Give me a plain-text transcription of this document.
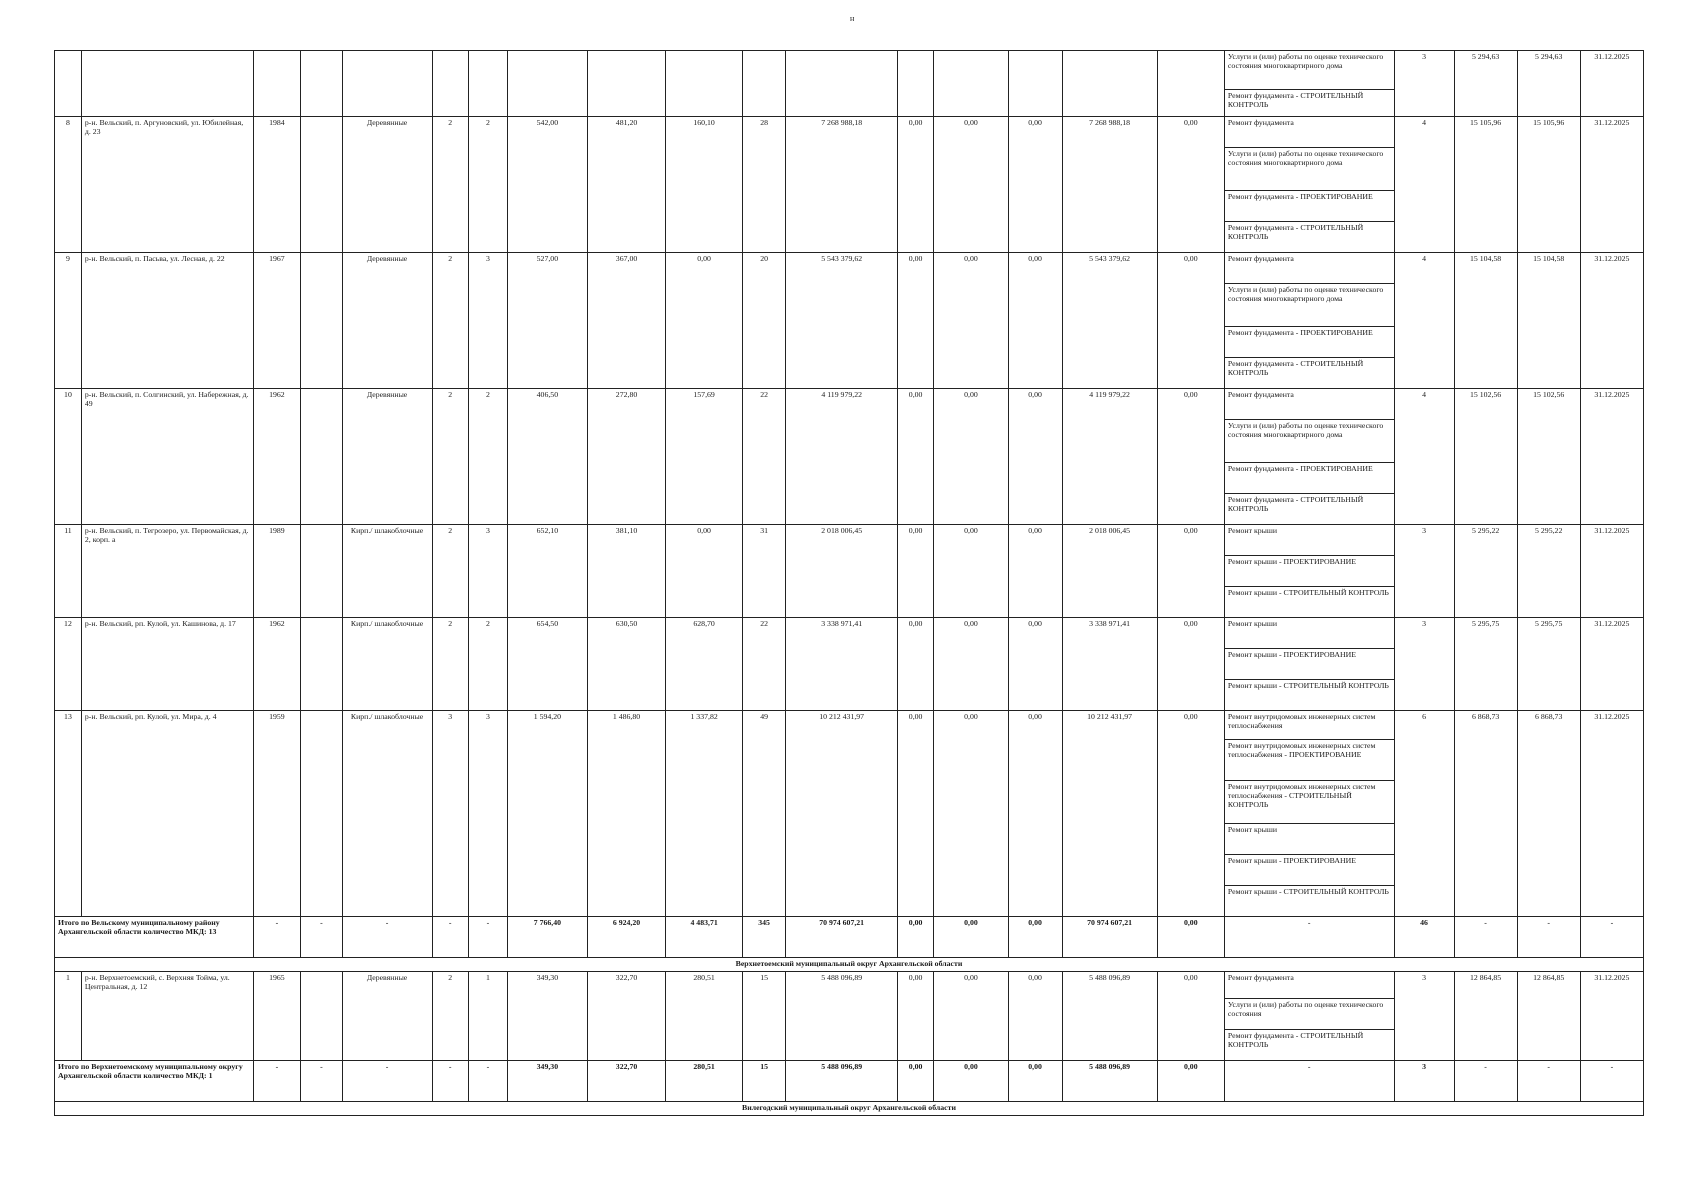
н
																	Услуги и (или) работы по оценке технического состояния многоквартирного дома	3	5 294,63	5 294,63	31.12.2025
																	Ремонт фундамента - СТРОИТЕЛЬНЫЙ КОНТРОЛЬ				
8	р-н. Вельский, п. Аргуновский, ул. Юбилейная, д. 23	1984		Деревянные	2	2	542,00	481,20	160,10	28	7 268 988,18	0,00	0,00	0,00	7 268 988,18	0,00	Ремонт фундамента	4	15 105,96	15 105,96	31.12.2025
																	Услуги и (или) работы по оценке технического состояния многоквартирного дома				
																	Ремонт фундамента - ПРОЕКТИРОВАНИЕ				
																	Ремонт фундамента - СТРОИТЕЛЬНЫЙ КОНТРОЛЬ				
9	р-н. Вельский, п. Пасьва, ул. Лесная, д. 22	1967		Деревянные	2	3	527,00	367,00	0,00	20	5 543 379,62	0,00	0,00	0,00	5 543 379,62	0,00	Ремонт фундамента	4	15 104,58	15 104,58	31.12.2025
																	Услуги и (или) работы по оценке технического состояния многоквартирного дома				
																	Ремонт фундамента - ПРОЕКТИРОВАНИЕ				
																	Ремонт фундамента - СТРОИТЕЛЬНЫЙ КОНТРОЛЬ				
10	р-н. Вельский, п. Солгинский, ул. Набережная, д. 49	1962		Деревянные	2	2	406,50	272,80	157,69	22	4 119 979,22	0,00	0,00	0,00	4 119 979,22	0,00	Ремонт фундамента	4	15 102,56	15 102,56	31.12.2025
																	Услуги и (или) работы по оценке технического состояния многоквартирного дома				
																	Ремонт фундамента - ПРОЕКТИРОВАНИЕ				
																	Ремонт фундамента - СТРОИТЕЛЬНЫЙ КОНТРОЛЬ				
11	р-н. Вельский, п. Тегрозеро, ул. Первомайская, д. 2, корп. а	1989		Кирп./ шлакоблочные	2	3	652,10	381,10	0,00	31	2 018 006,45	0,00	0,00	0,00	2 018 006,45	0,00	Ремонт крыши	3	5 295,22	5 295,22	31.12.2025
																	Ремонт крыши - ПРОЕКТИРОВАНИЕ				
																	Ремонт крыши - СТРОИТЕЛЬНЫЙ КОНТРОЛЬ				
12	р-н. Вельский, рп. Кулой, ул. Кашинова, д. 17	1962		Кирп./ шлакоблочные	2	2	654,50	630,50	628,70	22	3 338 971,41	0,00	0,00	0,00	3 338 971,41	0,00	Ремонт крыши	3	5 295,75	5 295,75	31.12.2025
																	Ремонт крыши - ПРОЕКТИРОВАНИЕ				
																	Ремонт крыши - СТРОИТЕЛЬНЫЙ КОНТРОЛЬ				
13	р-н. Вельский, рп. Кулой, ул. Мира, д. 4	1959		Кирп./ шлакоблочные	3	3	1 594,20	1 486,80	1 337,82	49	10 212 431,97	0,00	0,00	0,00	10 212 431,97	0,00	Ремонт внутридомовых инженерных систем теплоснабжения	6	6 868,73	6 868,73	31.12.2025
																	Ремонт внутридомовых инженерных систем теплоснабжения - ПРОЕКТИРОВАНИЕ				
																	Ремонт внутридомовых инженерных систем теплоснабжения - СТРОИТЕЛЬНЫЙ КОНТРОЛЬ				
																	Ремонт крыши				
																	Ремонт крыши - ПРОЕКТИРОВАНИЕ				
																	Ремонт крыши - СТРОИТЕЛЬНЫЙ КОНТРОЛЬ				
Итого по Вельскому муниципальному району Архангельской области количество МКД: 13		-	-	-	-	-	7 766,40	6 924,20	4 483,71	345	70 974 607,21	0,00	0,00	0,00	70 974 607,21	0,00	-	46	-	-	-
Верхнетоемский муниципальный округ Архангельской области																					
1	р-н. Верхнетоемский, с. Верхняя Тойма, ул. Центральная, д. 12	1965		Деревянные	2	1	349,30	322,70	280,51	15	5 488 096,89	0,00	0,00	0,00	5 488 096,89	0,00	Ремонт фундамента	3	12 864,85	12 864,85	31.12.2025
																	Услуги и (или) работы по оценке технического состояния				
																	Ремонт фундамента - СТРОИТЕЛЬНЫЙ КОНТРОЛЬ				
Итого по Верхнетоемскому муниципальному округу Архангельской области количество МКД: 1		-	-	-	-	-	349,30	322,70	280,51	15	5 488 096,89	0,00	0,00	0,00	5 488 096,89	0,00	-	3	-	-	-
Вилегодский муниципальный округ Архангельской области																					
